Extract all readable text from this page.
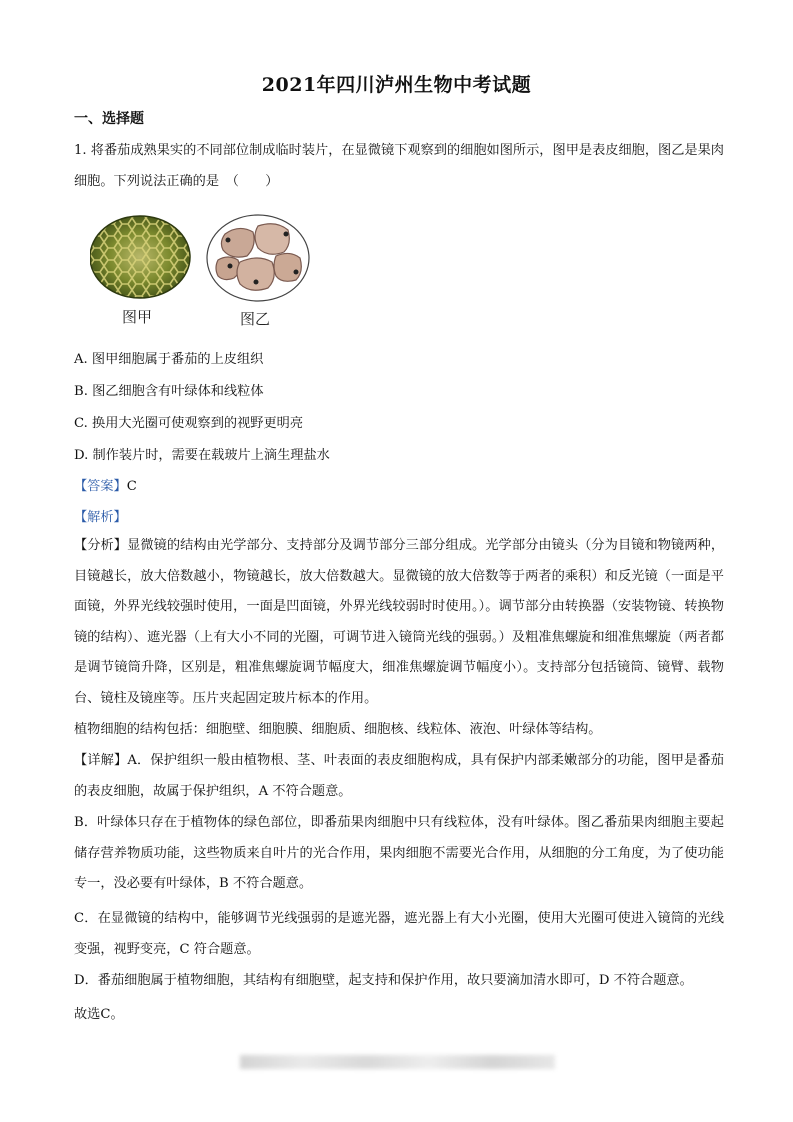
2021年四川泸州生物中考试题
一、选择题
1. 将番茄成熟果实的不同部位制成临时装片，在显微镜下观察到的细胞如图所示，图甲是表皮细胞，图乙是果肉细胞。下列说法正确的是　（　　）
图甲	图乙
A. 图甲细胞属于番茄的上皮组织
B. 图乙细胞含有叶绿体和线粒体
C. 换用大光圈可使观察到的视野更明亮
D. 制作装片时，需要在载玻片上滴生理盐水
【答案】C
【解析】
【分析】显微镜的结构由光学部分、支持部分及调节部分三部分组成。光学部分由镜头（分为目镜和物镜两种，目镜越长，放大倍数越小，物镜越长，放大倍数越大。显微镜的放大倍数等于两者的乘积）和反光镜（一面是平面镜，外界光线较强时使用，一面是凹面镜，外界光线较弱时时使用。）。调节部分由转换器（安装物镜、转换物镜的结构）、遮光器（上有大小不同的光圈，可调节进入镜筒光线的强弱。）及粗准焦螺旋和细准焦螺旋（两者都是调节镜筒升降，区别是，粗准焦螺旋调节幅度大，细准焦螺旋调节幅度小）。支持部分包括镜筒、镜臂、载物台、镜柱及镜座等。压片夹起固定玻片标本的作用。
植物细胞的结构包括：细胞壁、细胞膜、细胞质、细胞核、线粒体、液泡、叶绿体等结构。
【详解】A．保护组织一般由植物根、茎、叶表面的表皮细胞构成，具有保护内部柔嫩部分的功能，图甲是番茄的表皮细胞，故属于保护组织，A 不符合题意。
B．叶绿体只存在于植物体的绿色部位，即番茄果肉细胞中只有线粒体，没有叶绿体。图乙番茄果肉细胞主要起储存营养物质功能，这些物质来自叶片的光合作用，果肉细胞不需要光合作用，从细胞的分工角度，为了使功能专一，没必要有叶绿体，B 不符合题意。
C．在显微镜的结构中，能够调节光线强弱的是遮光器，遮光器上有大小光圈，使用大光圈可使进入镜筒的光线变强，视野变亮，C 符合题意。
D．番茄细胞属于植物细胞，其结构有细胞壁，起支持和保护作用，故只要滴加清水即可，D 不符合题意。
故选C。
